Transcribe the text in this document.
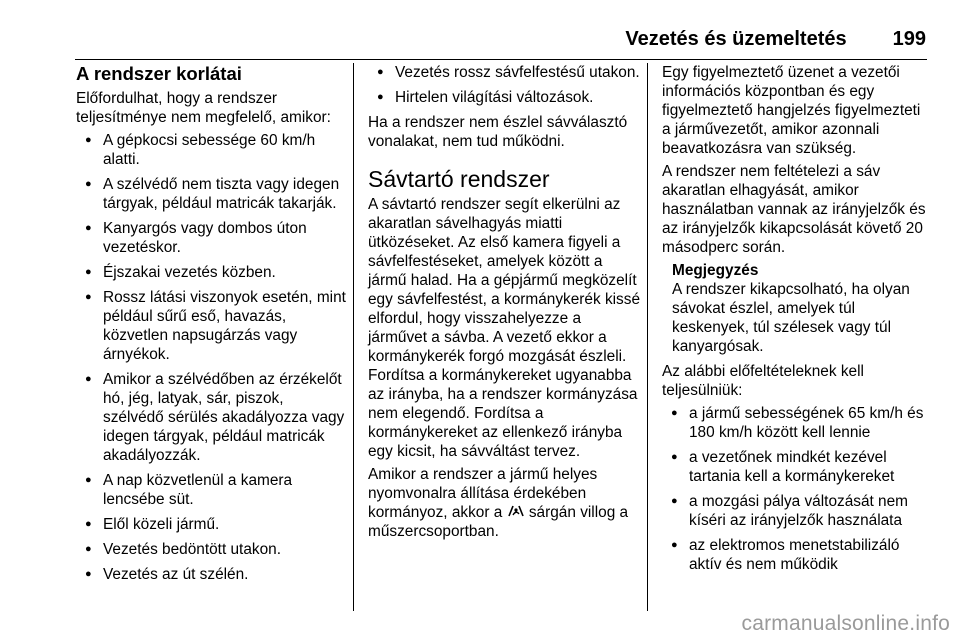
Vezetés és üzemeltetés 199
A rendszer korlátai

Előfordulhat, hogy a rendszer teljesítménye nem megfelelő, amikor:

● A gépkocsi sebessége 60 km/h alatti.
● A szélvédő nem tiszta vagy idegen tárgyak, például matricák takarják.
● Kanyargós vagy dombos úton vezetéskor.
● Éjszakai vezetés közben.
● Rossz látási viszonyok esetén, mint például sűrű eső, havazás, közvetlen napsugárzás vagy árnyékok.
● Amikor a szélvédőben az érzékelőt hó, jég, latyak, sár, piszok, szélvédő sérülés akadályozza vagy idegen tárgyak, például matricák akadályozzák.
● A nap közvetlenül a kamera lencsébe süt.
● Elől közeli jármű.
● Vezetés bedöntött utakon.
● Vezetés az út szélén.
● Vezetés rossz sávfelfestésű utakon.
● Hirtelen világítási változások.

Ha a rendszer nem észlel sávválasztó vonalakat, nem tud működni.

Sávtartó rendszer

A sávtartó rendszer segít elkerülni az akaratlan sávelhagyás miatti ütközéseket. Az első kamera figyeli a sávfelfestéseket, amelyek között a jármű halad. Ha a gépjármű megközelít egy sávfelfestést, a kormánykerék kissé elfordul, hogy visszahelyezze a járművet a sávba. A vezető ekkor a kormánykerék forgó mozgását észleli. Fordítsa a kormánykereket ugyanabba az irányba, ha a rendszer kormányzása nem elegendő. Fordítsa a kormánykereket az ellenkező irányba egy kicsit, ha sávváltást tervez.

Amikor a rendszer a jármű helyes nyomvonalra állítása érdekében kormányoz, akkor a sárgán villog a műszercsoportban.

Egy figyelmeztető üzenet a vezetői információs központban és egy figyelmeztető hangjelzés figyelmezteti a járművezetőt, amikor azonnali beavatkozásra van szükség.

A rendszer nem feltételezi a sáv akaratlan elhagyását, amikor használatban vannak az irányjelzők és az irányjelzők kikapcsolását követő 20 másodperc során.

Megjegyzés
A rendszer kikapcsolható, ha olyan sávokat észlel, amelyek túl keskenyek, túl szélesek vagy túl kanyargósak.

Az alábbi előfeltételeknek kell teljesülniük:

● a jármű sebességének 65 km/h és 180 km/h között kell lennie
● a vezetőnek mindkét kezével tartania kell a kormánykereket
● a mozgási pálya változását nem kíséri az irányjelzők használata
● az elektromos menetstabilizáló aktív és nem működik
carmanualsonline.info
